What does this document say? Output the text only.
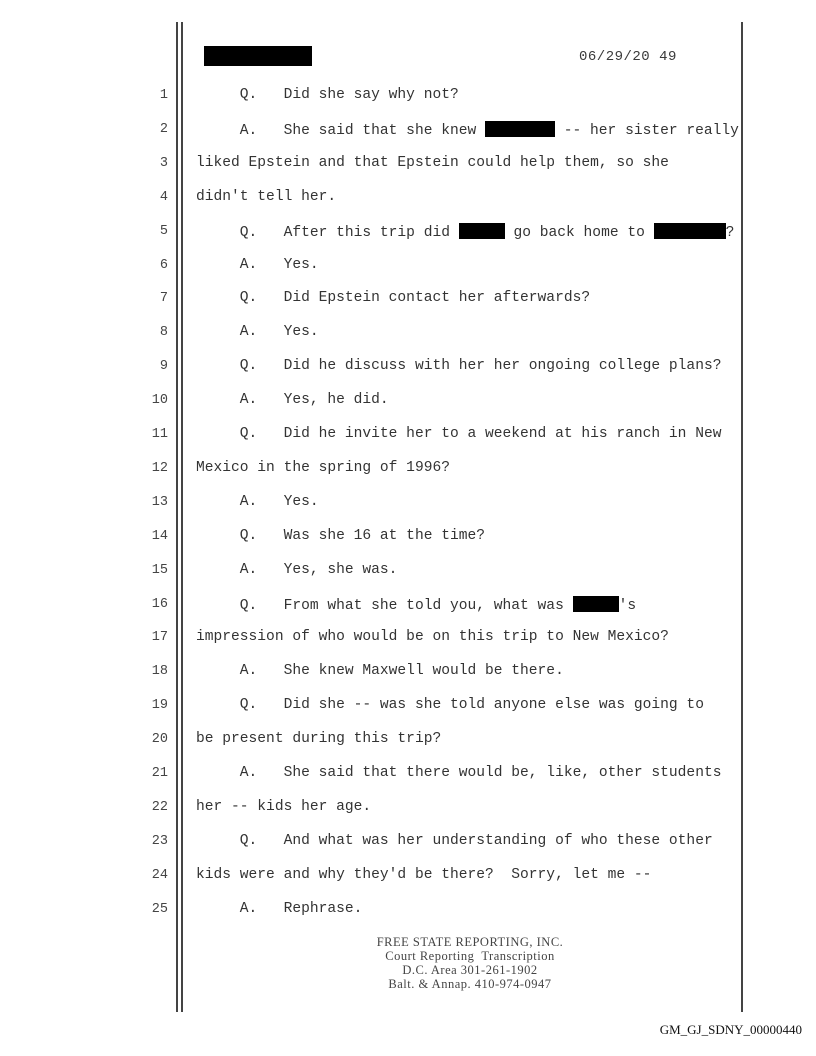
06/29/20 49
1 Q.   Did she say why not?
2 A.   She said that she knew	-- her sister really
3 liked Epstein and that Epstein could help them, so she
4 didn't tell her.
5 Q.   After this trip did	go back home to	?
6 A.   Yes.
7 Q.   Did Epstein contact her afterwards?
8 A.   Yes.
9 Q.   Did he discuss with her her ongoing college plans?
10 A.   Yes, he did.
11 Q.   Did he invite her to a weekend at his ranch in New
12 Mexico in the spring of 1996?
13 A.   Yes.
14 Q.   Was she 16 at the time?
15 A.   Yes, she was.
16 Q.   From what she told you, what was	's
17 impression of who would be on this trip to New Mexico?
18 A.   She knew Maxwell would be there.
19 Q.   Did she -- was she told anyone else was going to
20 be present during this trip?
21 A.   She said that there would be, like, other students
22 her -- kids her age.
23 Q.   And what was her understanding of who these other
24 kids were and why they'd be there?  Sorry, let me --
25 A.   Rephrase.
FREE STATE REPORTING, INC.
Court Reporting  Transcription
D.C. Area 301-261-1902
Balt. & Annap. 410-974-0947
GM_GJ_SDNY_00000440
